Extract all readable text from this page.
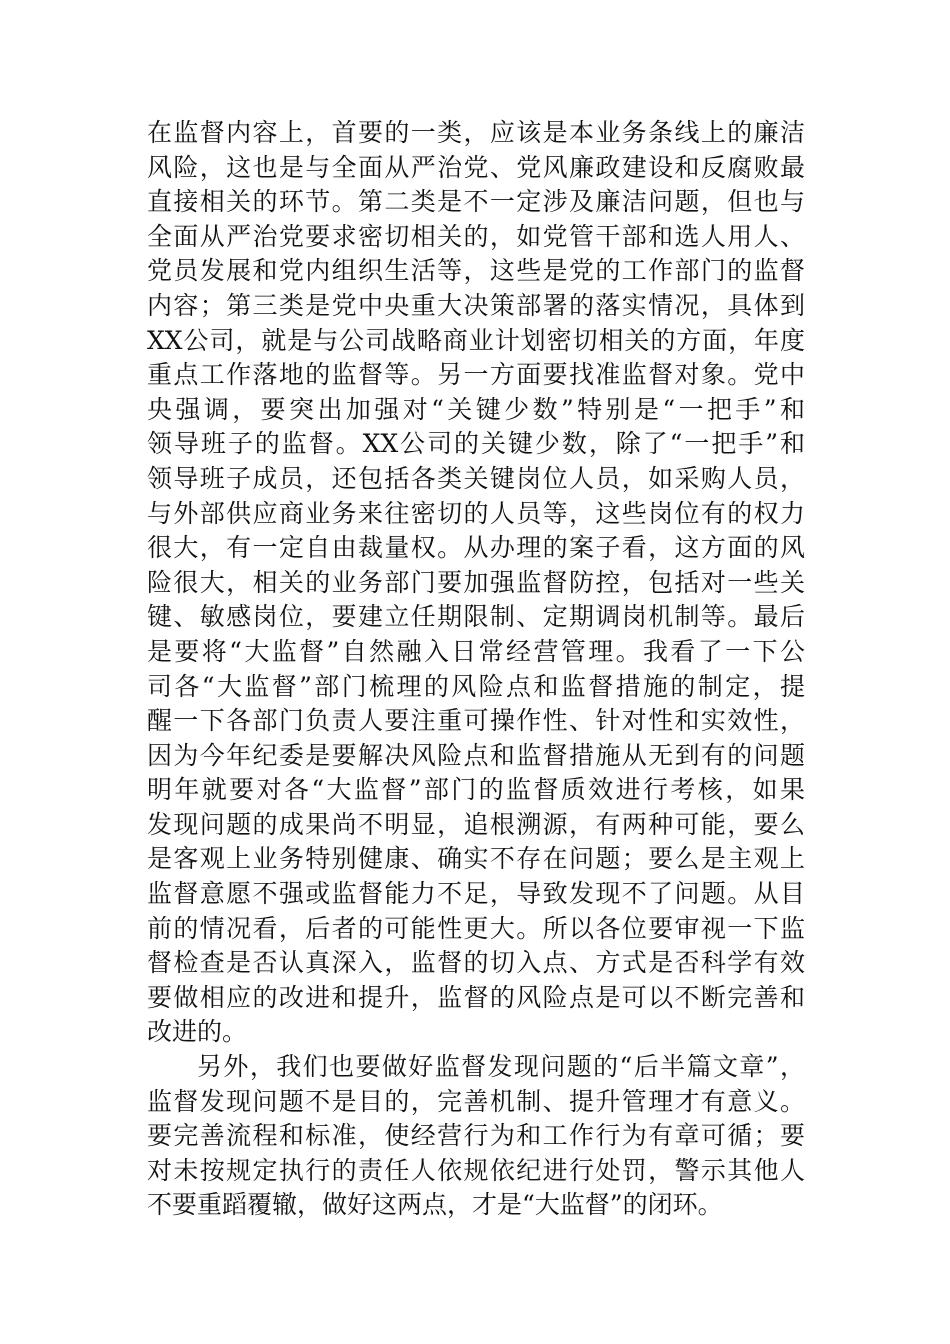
在监督内容上，首要的一类，应该是本业务条线上的廉洁
风险，这也是与全面从严治党、党风廉政建设和反腐败最
直接相关的环节。第二类是不一定涉及廉洁问题，但也与
全面从严治党要求密切相关的，如党管干部和选人用人、
党员发展和党内组织生活等，这些是党的工作部门的监督
内容；第三类是党中央重大决策部署的落实情况，具体到
XX公司，就是与公司战略商业计划密切相关的方面，年度
重点工作落地的监督等。另一方面要找准监督对象。党中
央强调，要突出加强对“关键少数”特别是“一把手”和
领导班子的监督。XX公司的关键少数，除了“一把手”和
领导班子成员，还包括各类关键岗位人员，如采购人员，
与外部供应商业务来往密切的人员等，这些岗位有的权力
很大，有一定自由裁量权。从办理的案子看，这方面的风
险很大，相关的业务部门要加强监督防控，包括对一些关
键、敏感岗位，要建立任期限制、定期调岗机制等。最后
是要将“大监督”自然融入日常经营管理。我看了一下公
司各“大监督”部门梳理的风险点和监督措施的制定，提
醒一下各部门负责人要注重可操作性、针对性和实效性，
因为今年纪委是要解决风险点和监督措施从无到有的问题
明年就要对各“大监督”部门的监督质效进行考核，如果
发现问题的成果尚不明显，追根溯源，有两种可能，要么
是客观上业务特别健康、确实不存在问题；要么是主观上
监督意愿不强或监督能力不足，导致发现不了问题。从目
前的情况看，后者的可能性更大。所以各位要审视一下监
督检查是否认真深入，监督的切入点、方式是否科学有效
要做相应的改进和提升，监督的风险点是可以不断完善和
改进的。
另外，我们也要做好监督发现问题的“后半篇文章”，
监督发现问题不是目的，完善机制、提升管理才有意义。
要完善流程和标准，使经营行为和工作行为有章可循；要
对未按规定执行的责任人依规依纪进行处罚，警示其他人
不要重蹈覆辙，做好这两点，才是“大监督”的闭环。
